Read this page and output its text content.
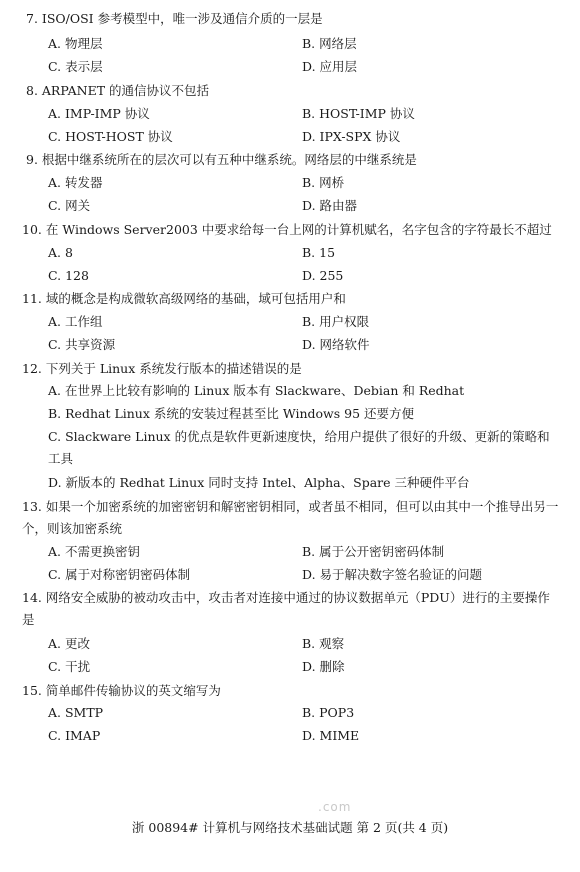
7. ISO/OSI 参考模型中，唯一涉及通信介质的一层是
A. 物理层	B. 网络层
C. 表示层	D. 应用层
8. ARPANET 的通信协议不包括
A. IMP-IMP 协议	B. HOST-IMP 协议
C. HOST-HOST 协议	D. IPX-SPX 协议
9. 根据中继系统所在的层次可以有五种中继系统。网络层的中继系统是
A. 转发器	B. 网桥
C. 网关	D. 路由器
10. 在 Windows Server2003 中要求给每一台上网的计算机赋名，名字包含的字符最长不超过
A. 8	B. 15
C. 128	D. 255
11. 域的概念是构成微软高级网络的基础，域可包括用户和
A. 工作组	B. 用户权限
C. 共享资源	D. 网络软件
12. 下列关于 Linux 系统发行版本的描述错误的是
A. 在世界上比较有影响的 Linux 版本有 Slackware、Debian 和 Redhat
B. Redhat Linux 系统的安装过程甚至比 Windows 95 还要方便
C. Slackware Linux 的优点是软件更新速度快，给用户提供了很好的升级、更新的策略和工具
D. 新版本的 Redhat Linux 同时支持 Intel、Alpha、Spare 三种硬件平台
13. 如果一个加密系统的加密密钥和解密密钥相同，或者虽不相同，但可以由其中一个推导出另一个，则该加密系统
A. 不需更换密钥	B. 属于公开密钥密码体制
C. 属于对称密钥密码体制	D. 易于解决数字签名验证的问题
14. 网络安全威胁的被动攻击中，攻击者对连接中通过的协议数据单元（PDU）进行的主要操作是
A. 更改	B. 观察
C. 干扰	D. 删除
15. 简单邮件传输协议的英文缩写为
A. SMTP	B. POP3
C. IMAP	D. MIME
.com
浙 00894# 计算机与网络技术基础试题 第 2 页(共 4 页)
